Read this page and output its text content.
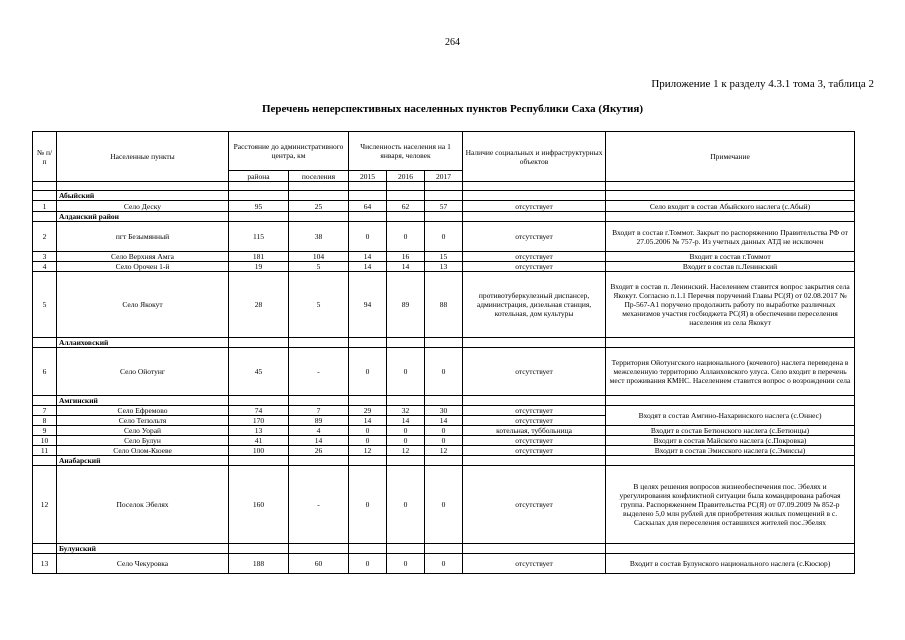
264
Приложение 1 к разделу 4.3.1 тома 3, таблица 2
Перечень неперспективных населенных пунктов Республики Саха (Якутия)
№ п/п	Населенные пункты	Расстояние до административного центра, км		Численность населения на 1 января, человек			Наличие социальных и инфраструктурных объектов	Примечание
		района	поселения	2015	2016	2017		

	Абыйский							
1	Село Деску	95	25	64	62	57	отсутствует	Село входит в состав Абыйского наслега (с.Абый)
	Алданский район							
2	пгт Безымянный	115	38	0	0	0	отсутствует	Входит в состав г.Томмот. Закрыт по распоряжению Правительства РФ от 27.05.2006 № 757-р. Из учетных данных АТД не исключен
3	Село Верхняя Амга	181	104	14	16	15	отсутствует	Входит в состав г.Томмот
4	Село Орочен 1-й	19	5	14	14	13	отсутствует	Входит в состав п.Ленинский
5	Село Якокут	28	5	94	89	88	противотуберкулезный диспансер, администрация, дизельная станция, котельная, дом культуры	Входит в состав п. Ленинский. Населением ставится вопрос закрытия села Якокут. Согласно п.1.1 Перечня поручений Главы РС(Я) от 02.08.2017 № Пр-567-А1 поручено продолжить работу по выработке различных механизмов участия госбюджета РС(Я) в обеспечении переселения населения из села Якокут
	Аллаиховский							
6	Село Ойотунг	45	-	0	0	0	отсутствует	Территория Ойотунгского национального (кочевого) наслега переведена в межселенную территорию Аллаиховского улуса. Село входит в перечень мест проживания КМНС. Населением ставится вопрос о возрождении села
	Амгинский							
7	Село Ефремово	74	7	29	32	30	отсутствует	Входят в состав Амгино-Нахаринского наслега (с.Оннес)
8	Село Тегюльтя	170	89	14	14	14	отсутствует	
9	Село Уорай	13	4	0	0	0	котельная, туббольница	Входит в состав Бетюнского наслега (с.Бетюнцы)
10	Село Булун	41	14	0	0	0	отсутствует	Входит в состав Майского наслега (с.Покровка)
11	Село Олом-Кюеве	100	26	12	12	12	отсутствует	Входит в состав Эмисского наслега (с.Эмиссы)
	Анабарский							
12	Поселок Эбелях	160	-	0	0	0	отсутствует	В целях решения вопросов жизнеобеспечения пос. Эбелях и урегулирования конфликтной ситуации была командирована рабочая группа. Распоряжением Правительства РС(Я) от 07.09.2009 № 852-р выделено 5,0 млн рублей для приобретения жилых помещений в с. Саскылах для переселения оставшихся жителей пос.Эбелях
	Булунский							
13	Село Чекуровка	188	60	0	0	0	отсутствует	Входит в состав Булунского национального наслега (с.Кюсюр)
